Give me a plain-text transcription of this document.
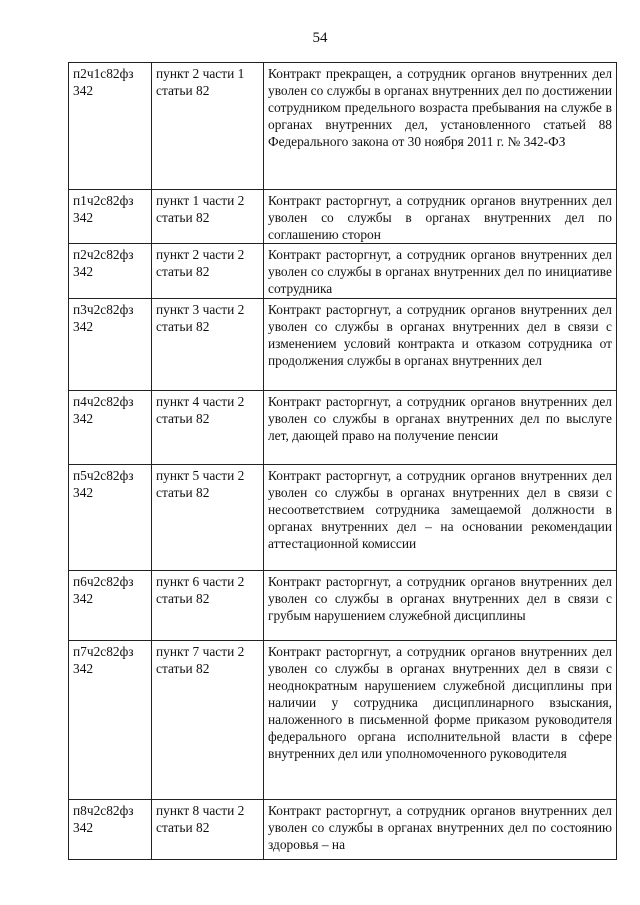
54
п2ч1с82фз 342	пункт 2 части 1 статьи 82	Контракт прекращен, а сотрудник органов внутренних дел уволен со службы в органах внутренних дел по достижении сотрудником предельного возраста пребывания на службе в органах внутренних дел, установленного статьей 88 Федерального закона от 30 ноября 2011 г. № 342-ФЗ
п1ч2с82фз 342	пункт 1 части 2 статьи 82	Контракт расторгнут, а сотрудник органов внутренних дел уволен со службы в органах внутренних дел по соглашению сторон
п2ч2с82фз 342	пункт 2 части 2 статьи 82	Контракт расторгнут, а сотрудник органов внутренних дел уволен со службы в органах внутренних дел по инициативе сотрудника
п3ч2с82фз 342	пункт 3 части 2 статьи 82	Контракт расторгнут, а сотрудник органов внутренних дел уволен со службы в органах внутренних дел в связи с изменением условий контракта и отказом сотрудника от продолжения службы в органах внутренних дел
п4ч2с82фз 342	пункт 4 части 2 статьи 82	Контракт расторгнут, а сотрудник органов внутренних дел уволен со службы в органах внутренних дел по выслуге лет, дающей право на получение пенсии
п5ч2с82фз 342	пункт 5 части 2 статьи 82	Контракт расторгнут, а сотрудник органов внутренних дел уволен со службы в органах внутренних дел в связи с несоответствием сотрудника замещаемой должности в органах внутренних дел – на основании рекомендации аттестационной комиссии
п6ч2с82фз 342	пункт 6 части 2 статьи 82	Контракт расторгнут, а сотрудник органов внутренних дел уволен со службы в органах внутренних дел в связи с грубым нарушением служебной дисциплины
п7ч2с82фз 342	пункт 7 части 2 статьи 82	Контракт расторгнут, а сотрудник органов внутренних дел уволен со службы в органах внутренних дел в связи с неоднократным нарушением служебной дисциплины при наличии у сотрудника дисциплинарного взыскания, наложенного в письменной форме приказом руководителя федерального органа исполнительной власти в сфере внутренних дел или уполномоченного руководителя
п8ч2с82фз 342	пункт 8 части 2 статьи 82	Контракт расторгнут, а сотрудник органов внутренних дел уволен со службы в органах внутренних дел по состоянию здоровья – на
